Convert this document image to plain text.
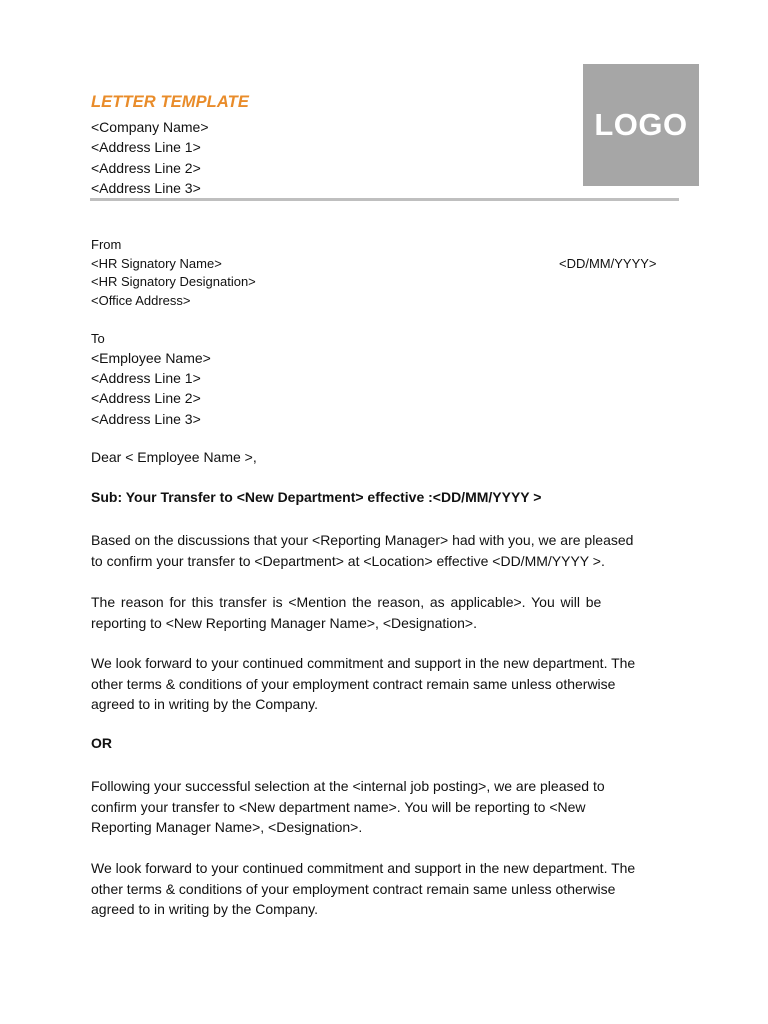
LETTER TEMPLATE
<Company Name>
<Address Line 1>
<Address Line 2>
<Address Line 3>
LOGO
From
<HR Signatory Name>
<HR Signatory Designation>
<Office Address>
<DD/MM/YYYY>
To
<Employee Name>
<Address Line 1>
<Address Line 2>
<Address Line 3>
Dear < Employee Name >,
Sub: Your Transfer to <New Department> effective :<DD/MM/YYYY >

Based on the discussions that your <Reporting Manager> had with you, we are pleased
to confirm your transfer to <Department> at <Location> effective <DD/MM/YYYY >.

The reason for this transfer is <Mention the reason, as applicable>. You will be
reporting to <New Reporting Manager Name>, <Designation>.

We look forward to your continued commitment and support in the new department. The
other terms & conditions of your employment contract remain same unless otherwise
agreed to in writing by the Company.

OR

Following your successful selection at the <internal job posting>, we are pleased to
confirm your transfer to <New department name>. You will be reporting to <New
Reporting Manager Name>, <Designation>.

We look forward to your continued commitment and support in the new department. The
other terms & conditions of your employment contract remain same unless otherwise
agreed to in writing by the Company.
